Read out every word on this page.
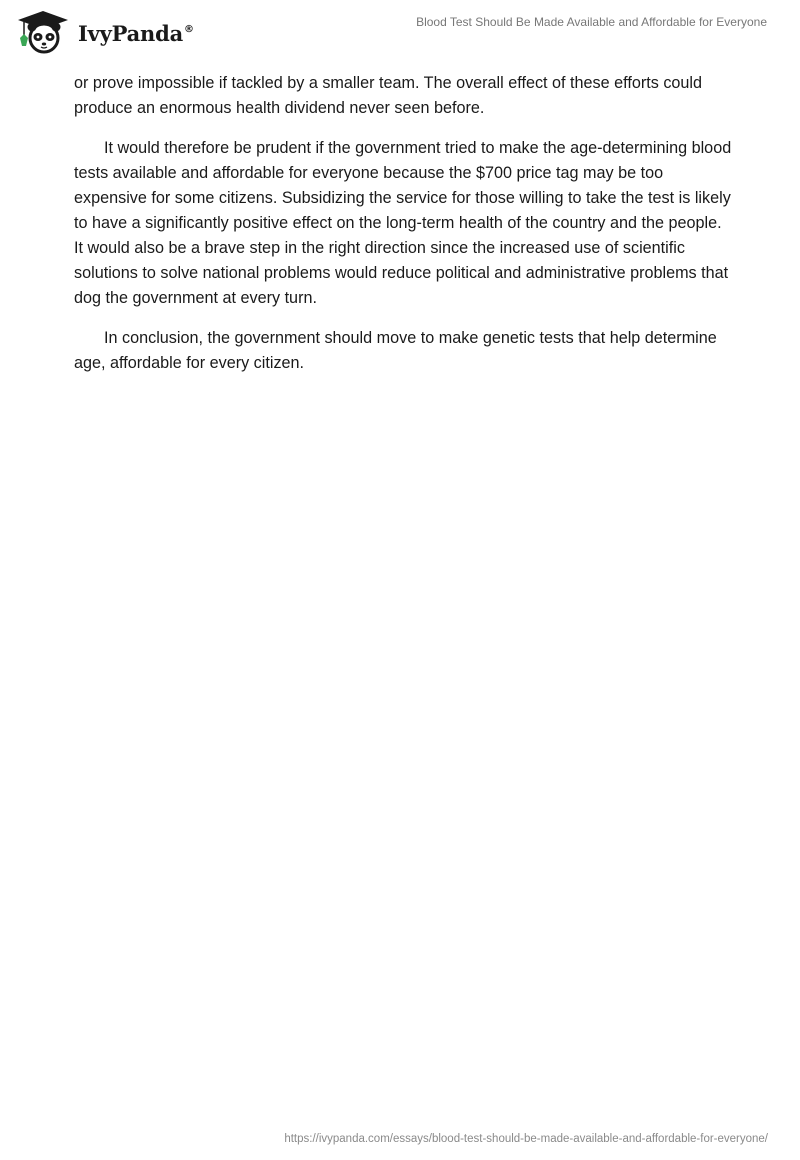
IvyPanda®	Blood Test Should Be Made Available and Affordable for Everyone

or prove impossible if tackled by a smaller team. The overall effect of these efforts could produce an enormous health dividend never seen before.

It would therefore be prudent if the government tried to make the age-determining blood tests available and affordable for everyone because the $700 price tag may be too expensive for some citizens. Subsidizing the service for those willing to take the test is likely to have a significantly positive effect on the long-term health of the country and the people. It would also be a brave step in the right direction since the increased use of scientific solutions to solve national problems would reduce political and administrative problems that dog the government at every turn.

In conclusion, the government should move to make genetic tests that help determine age, affordable for every citizen.

https://ivypanda.com/essays/blood-test-should-be-made-available-and-affordable-for-everyone/
